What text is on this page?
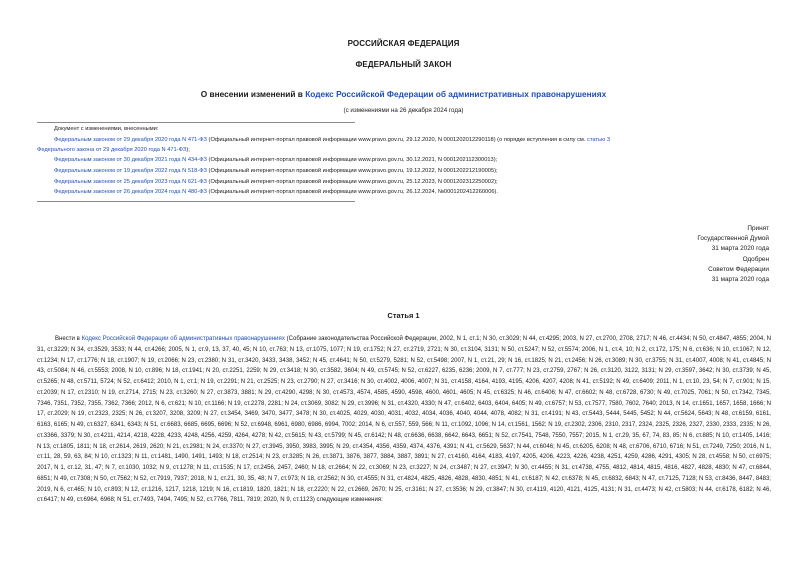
РОССИЙСКАЯ ФЕДЕРАЦИЯ
ФЕДЕРАЛЬНЫЙ ЗАКОН
О внесении изменений в Кодекс Российской Федерации об административных правонарушениях
(с изменениями на 26 декабря 2024 года)
Документ с изменениями, внесенными:
Федеральным законом от 29 декабря 2020 года N 471-ФЗ (Официальный интернет-портал правовой информации www.pravo.gov.ru, 29.12.2020, N 0001202012290118) (о порядке вступления в силу см. статью 3
Федерального закона от 29 декабря 2020 года N 471-ФЗ);
Федеральным законом от 30 декабря 2021 года N 434-ФЗ (Официальный интернет-портал правовой информации www.pravo.gov.ru, 30.12.2021, N 0001202112300013);
Федеральным законом от 19 декабря 2022 года N 518-ФЗ (Официальный интернет-портал правовой информации www.pravo.gov.ru, 19.12.2022, N 0001202212190005);
Федеральным законом от 25 декабря 2023 года N 621-ФЗ (Официальный интернет-портал правовой информации www.pravo.gov.ru, 25.12.2023, N 0001202312250002);
Федеральным законом от 26 декабря 2024 года N 480-ФЗ (Официальный интернет-портал правовой информации www.pravo.gov.ru, 26.12.2024, №0001202412260006).
Принят
Государственной Думой
31 марта 2020 года
Одобрен
Советом Федерации
31 марта 2020 года
Статья 1
Внести в Кодекс Российской Федерации об административных правонарушениях (Собрание законодательства Российской Федерации, 2002, N 1, ст.1; N 30, ст.3029; N 44, ст.4295; 2003, N 27, ст.2700, 2708, 2717; N 46, ст.4434; N 50, ст.4847, 4855; 2004, N 31, ст.3229; N 34, ст.3529, 3533; N 44, ст.4266; 2005, N 1, ст.9, 13, 37, 40, 45; N 10, ст.763; N 13, ст.1075, 1077; N 19, ст.1752; N 27, ст.2719, 2721; N 30, ст.3104, 3131; N 50, ст.5247; N 52, ст.5574; 2006, N 1, ст.4, 10; N 2, ст.172, 175; N 6, ст.636; N 10, ст.1067; N 12, ст.1234; N 17, ст.1776; N 18, ст.1907; N 19, ст.2066; N 23, ст.2380; N 31, ст.3420, 3433, 3438, 3452; N 45, ст.4641; N 50, ст.5279, 5281; N 52, ст.5498; 2007, N 1, ст.21, 29; N 16, ст.1825; N 21, ст.2456; N 26, ст.3089; N 30, ст.3755; N 31, ст.4007, 4008; N 41, ст.4845; N 43, ст.5084; N 46, ст.5553; 2008, N 10, ст.896; N 18, ст.1941; N 20, ст.2251, 2259; N 29, ст.3418; N 30, ст.3582, 3604; N 49, ст.5745; N 52, ст.6227, 6235, 6236; 2009, N 7, ст.777; N 23, ст.2759, 2767; N 26, ст.3120, 3122, 3131; N 29, ст.3597, 3642; N 30, ст.3739; N 45, ст.5265; N 48, ст.5711, 5724; N 52, ст.6412; 2010, N 1, ст.1; N 19, ст.2291; N 21, ст.2525; N 23, ст.2790; N 27, ст.3416; N 30, ст.4002, 4006, 4007; N 31, ст.4158, 4164, 4193, 4195, 4206, 4207, 4208; N 41, ст.5192; N 49, ст.6409; 2011, N 1, ст.10, 23, 54; N 7, ст.901; N 15, ст.2039; N 17, ст.2310; N 19, ст.2714, 2715; N 23, ст.3260; N 27, ст.3873, 3881; N 29, ст.4290, 4298; N 30, ст.4573, 4574, 4585, 4590, 4598, 4600, 4601, 4605; N 45, ст.6325; N 46, ст.6406; N 47, ст.6602; N 48, ст.6728, 6730; N 49, ст.7025, 7061; N 50, ст.7342, 7345, 7346, 7351, 7352, 7355, 7362, 7366; 2012, N 6, ст.621; N 10, ст.1166; N 19, ст.2278, 2281; N 24, ст.3069, 3082; N 29, ст.3996; N 31, ст.4320, 4330; N 47, ст.6402, 6403, 6404, 6405; N 49, ст.6757; N 53, ст.7577, 7580, 7602, 7640; 2013, N 14, ст.1651, 1657, 1658, 1666; N 17, ст.2029; N 19, ст.2323, 2325; N 26, ст.3207, 3208, 3209; N 27, ст.3454, 3469, 3470, 3477, 3478; N 30, ст.4025, 4029, 4030, 4031, 4032, 4034, 4036, 4040, 4044, 4078, 4082; N 31, ст.4191; N 43, ст.5443, 5444, 5445, 5452; N 44, ст.5624, 5643; N 48, ст.6159, 6161, 6163, 6165; N 49, ст.6327, 6341, 6343; N 51, ст.6683, 6685, 6695, 6696; N 52, ст.6948, 6961, 6980, 6986, 6994, 7002; 2014, N 6, ст.557, 559, 566; N 11, ст.1092, 1096; N 14, ст.1561, 1562; N 19, ст.2302, 2306, 2310, 2317, 2324, 2325, 2326, 2327, 2330, 2333, 2335; N 26, ст.3366, 3379; N 30, ст.4211, 4214, 4218, 4228, 4233, 4248, 4256, 4259, 4264, 4278; N 42, ст.5615; N 43, ст.5799; N 45, ст.6142; N 48, ст.6636, 6638, 6642, 6643, 6651; N 52, ст.7541, 7548, 7550, 7557; 2015, N 1, ст.29, 35, 67, 74, 83, 85; N 6, ст.885; N 10, ст.1405, 1416; N 13, ст.1805, 1811; N 18, ст.2614, 2619, 2620; N 21, ст.2981; N 24, ст.3370; N 27, ст.3945, 3950, 3983, 3995; N 29, ст.4354, 4356, 4359, 4374, 4376, 4391; N 41, ст.5629, 5637; N 44, ст.6046; N 45, ст.6205, 6208; N 48, ст.6706, 6710, 6716; N 51, ст.7249, 7250; 2016, N 1, ст.11, 28, 59, 63, 84; N 10, ст.1323; N 11, ст.1481, 1490, 1491, 1493; N 18, ст.2514; N 23, ст.3285; N 26, ст.3871, 3876, 3877, 3884, 3887, 3891; N 27, ст.4160, 4164, 4183, 4197, 4205, 4206, 4223, 4226, 4238, 4251, 4259, 4286, 4291, 4305; N 28, ст.4558; N 50, ст.6975; 2017, N 1, ст.12, 31, 47; N 7, ст.1030, 1032; N 9, ст.1278; N 11, ст.1535; N 17, ст.2456, 2457, 2460; N 18, ст.2664; N 22, ст.3069; N 23, ст.3227; N 24, ст.3487; N 27, ст.3947; N 30, ст.4455; N 31, ст.4738, 4755, 4812, 4814, 4815, 4816, 4827, 4828, 4830; N 47, ст.6844, 6851; N 49, ст.7308; N 50, ст.7562; N 52, ст.7919, 7937; 2018, N 1, ст.21, 30, 35, 48; N 7, ст.973; N 18, ст.2562; N 30, ст.4555; N 31, ст.4824, 4825, 4826, 4828, 4830, 4851; N 41, ст.6187; N 42, ст.6378; N 45, ст.6832, 6843; N 47, ст.7125, 7128; N 53, ст.8436, 8447, 8483; 2019, N 6, ст.465; N 10, ст.893; N 12, ст.1216, 1217, 1218, 1219; N 16, ст.1819, 1820, 1821; N 18, ст.2220; N 22, ст.2669, 2670; N 25, ст.3161; N 27, ст.3536; N 29, ст.3847; N 30, ст.4119, 4120, 4121, 4125, 4131; N 31, ст.4473; N 42, ст.5803; N 44, ст.6178, 6182; N 46, ст.6417; N 49, ст.6964, 6968; N 51, ст.7493, 7494, 7495; N 52, ст.7766, 7811, 7819; 2020, N 9, ст.1123) следующие изменения:
